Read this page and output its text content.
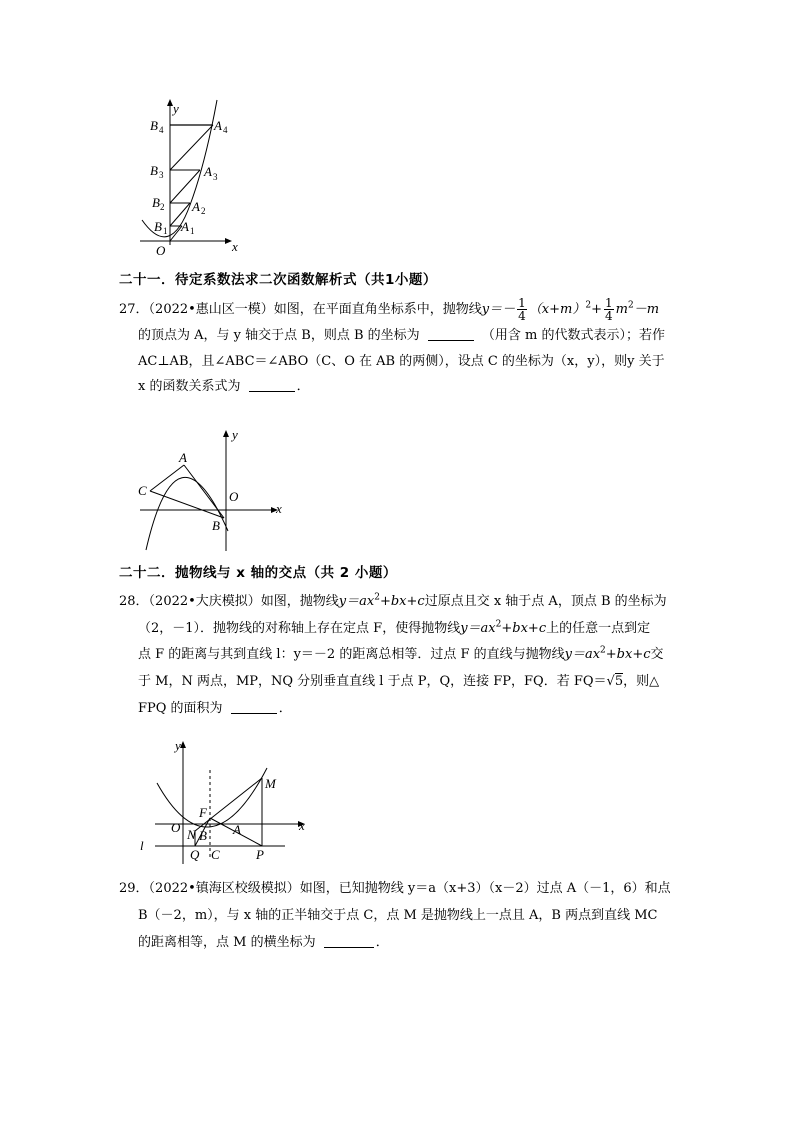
y
x
O
B 4	A 4
B 3	A 3
B 2 A 2
B 1 A 1
二十一．待定系数法求二次函数解析式（共1小题）
27．（2022•惠山区一模）如图，在平面直角坐标系中，抛物线$y=- \frac{1}{4} (x+m)^2+ \frac{1}{4} m^2-m$
的顶点为 A，与 y 轴交于点 B，则点 B 的坐标为	（用含 m 的代数式表示）；若作
AC⊥AB，且∠ABC＝∠ABO（C、O 在 AB 的两侧），设点 C 的坐标为（x，y），则y 关于
x 的函数关系式为	．
y
x
A
C	O
B
二十二．抛物线与 x 轴的交点（共 2 小题）
28．（2022•大庆模拟）如图，抛物线$y=ax^2+bx+c$过原点且交 x 轴于点 A，顶点 B 的坐标为
（2，－1）．抛物线的对称轴上存在定点 F，使得抛物线$y=ax^2+bx+c$上的任意一点到定
点 F 的距离与其到直线 l：y＝－2 的距离总相等．过点 F 的直线与抛物线$y=ax^2+bx+c$交
于 M，N 两点，MP，NQ 分别垂直直线 l 于点 P，Q，连接 FP，FQ．若 FQ＝√5，则△
FPQ 的面积为	．
y
x
M
F
O N B A
l
Q C	P
29．（2022•镇海区校级模拟）如图，已知抛物线 y＝a（x+3）（x－2）过点 A（－1，6）和点
B（－2，m），与 x 轴的正半轴交于点 C，点 M 是抛物线上一点且 A，B 两点到直线 MC
的距离相等，点 M 的横坐标为	．
